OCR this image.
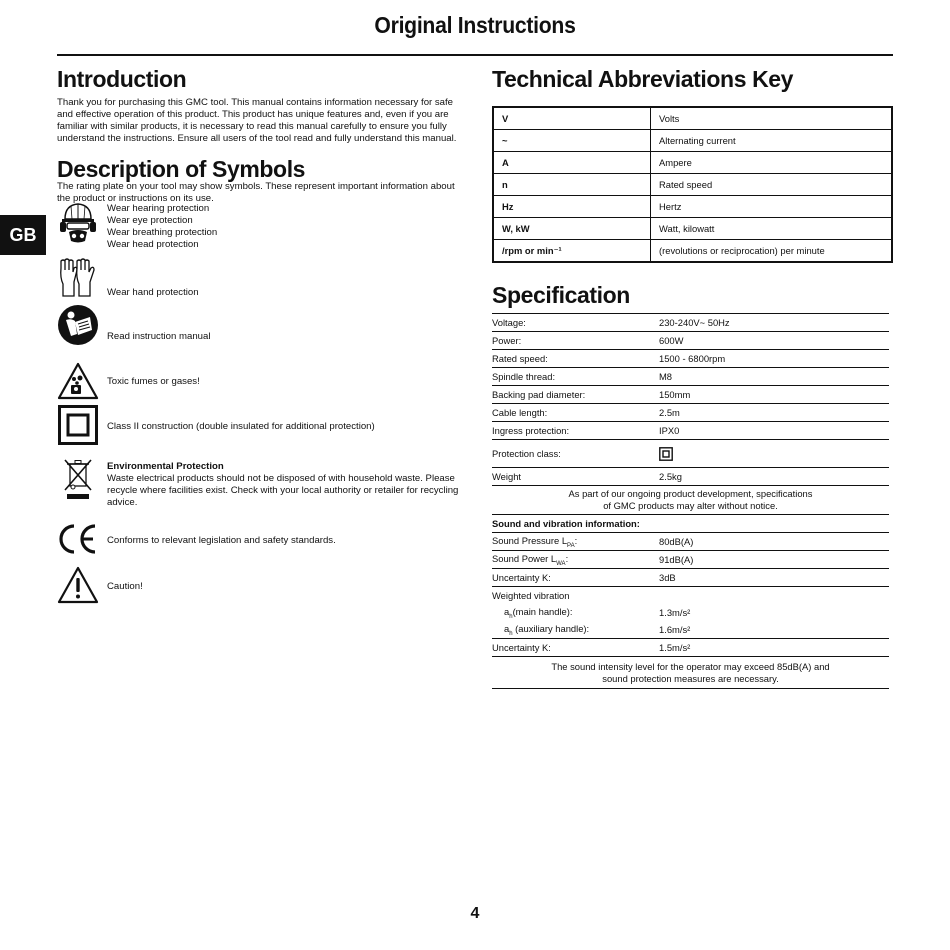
Original Instructions
GB
Introduction

Thank you for purchasing this GMC tool. This manual contains information necessary for safe and effective operation of this product. This product has unique features and, even if you are familiar with similar products, it is necessary to read this manual carefully to ensure you fully understand the instructions. Ensure all users of the tool read and fully understand this manual.

Description of Symbols

The rating plate on your tool may show symbols. These represent important information about the product or instructions on its use.

Wear hearing protection
Wear eye protection
Wear breathing protection
Wear head protection
Wear hand protection
Read instruction manual
Toxic fumes or gases!
Class II construction (double insulated for additional protection)
Environmental Protection
Waste electrical products should not be disposed of with household waste. Please recycle where facilities exist. Check with your local authority or retailer for recycling advice.
Conforms to relevant legislation and safety standards.
Caution!
Technical Abbreviations Key
V	Volts
~	Alternating current
A	Ampere
n	Rated speed
Hz	Hertz
W, kW	Watt, kilowatt
/rpm or min⁻¹	(revolutions or reciprocation) per minute
Specification
Voltage:	230-240V~ 50Hz
Power:	600W
Rated speed:	1500 - 6800rpm
Spindle thread:	M8
Backing pad diameter:	150mm
Cable length:	2.5m
Ingress protection:	IPX0
Protection class:	

Weight	2.5kg

As part of our ongoing product development, specifications of GMC products may alter without notice.	

Sound and vibration information:	
Sound Pressure $L_{PA}$:	80dB(A)
Sound Power $L_{WA}$:	91dB(A)
Uncertainty K:	3dB
Weighted vibration	
$a_h(main$ handle):	1.3m/s²
$a_h$ (auxiliary handle):	1.6m/s²
Uncertainty K:	1.5m/s²

The sound intensity level for the operator may exceed 85dB(A) and sound protection measures are necessary.	
4
